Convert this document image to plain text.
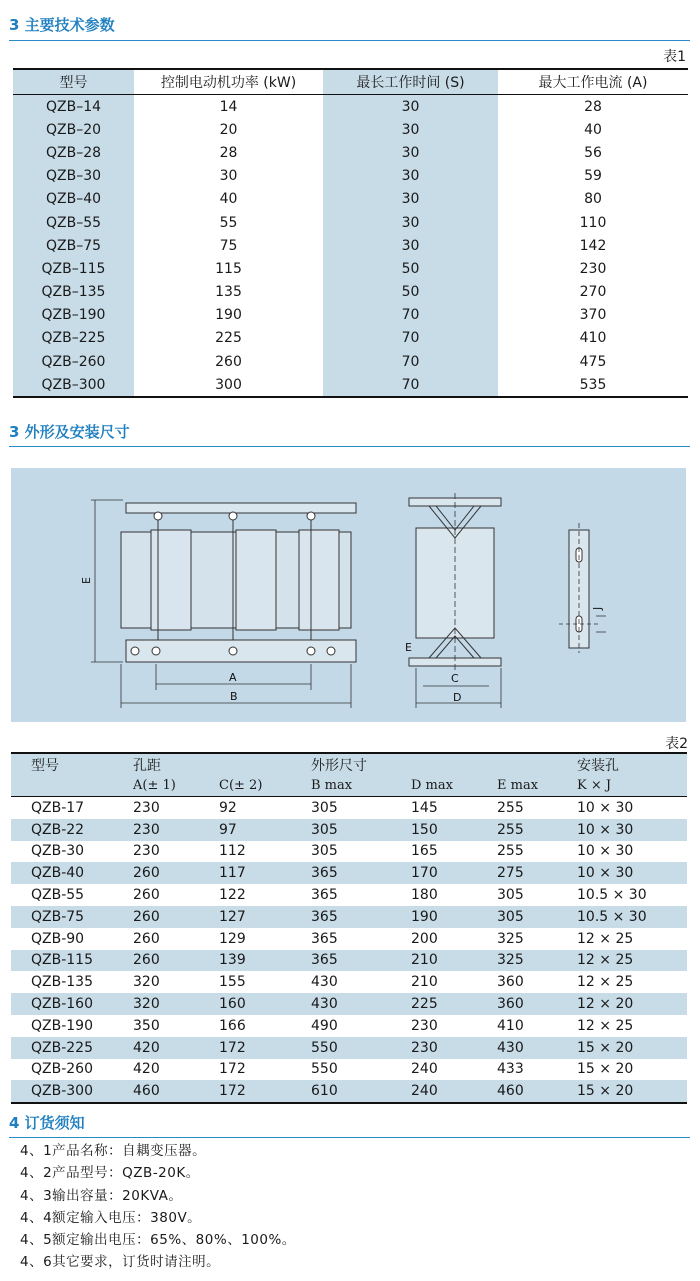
3 主要技术参数
表1
型号	控制电动机功率 (kW)	最长工作时间 (S)	最大工作电流 (A)
QZB–14	14	30	28
QZB–20	20	30	40
QZB–28	28	30	56
QZB–30	30	30	59
QZB–40	40	30	80
QZB–55	55	30	110
QZB–75	75	30	142
QZB–115	115	50	230
QZB–135	135	50	270
QZB–190	190	70	370
QZB–225	225	70	410
QZB–260	260	70	475
QZB–300	300	70	535
3 外形及安装尺寸
A
B
E
E
C
D
J
表2
型号	孔距		外形尺寸			安装孔
	A(± 1)	C(± 2)	B max	D max	E max	K × J
QZB-17	230	92	305	145	255	10 × 30
QZB-22	230	97	305	150	255	10 × 30
QZB-30	230	112	305	165	255	10 × 30
QZB-40	260	117	365	170	275	10 × 30
QZB-55	260	122	365	180	305	10.5 × 30
QZB-75	260	127	365	190	305	10.5 × 30
QZB-90	260	129	365	200	325	12 × 25
QZB-115	260	139	365	210	325	12 × 25
QZB-135	320	155	430	210	360	12 × 25
QZB-160	320	160	430	225	360	12 × 20
QZB-190	350	166	490	230	410	12 × 25
QZB-225	420	172	550	230	430	15 × 20
QZB-260	420	172	550	240	433	15 × 20
QZB-300	460	172	610	240	460	15 × 20
4 订货须知
4、1产品名称：自耦变压器。
4、2产品型号：QZB-20K。
4、3输出容量：20KVA。
4、4额定输入电压：380V。
4、5额定输出电压：65%、80%、100%。
4、6其它要求，订货时请注明。
